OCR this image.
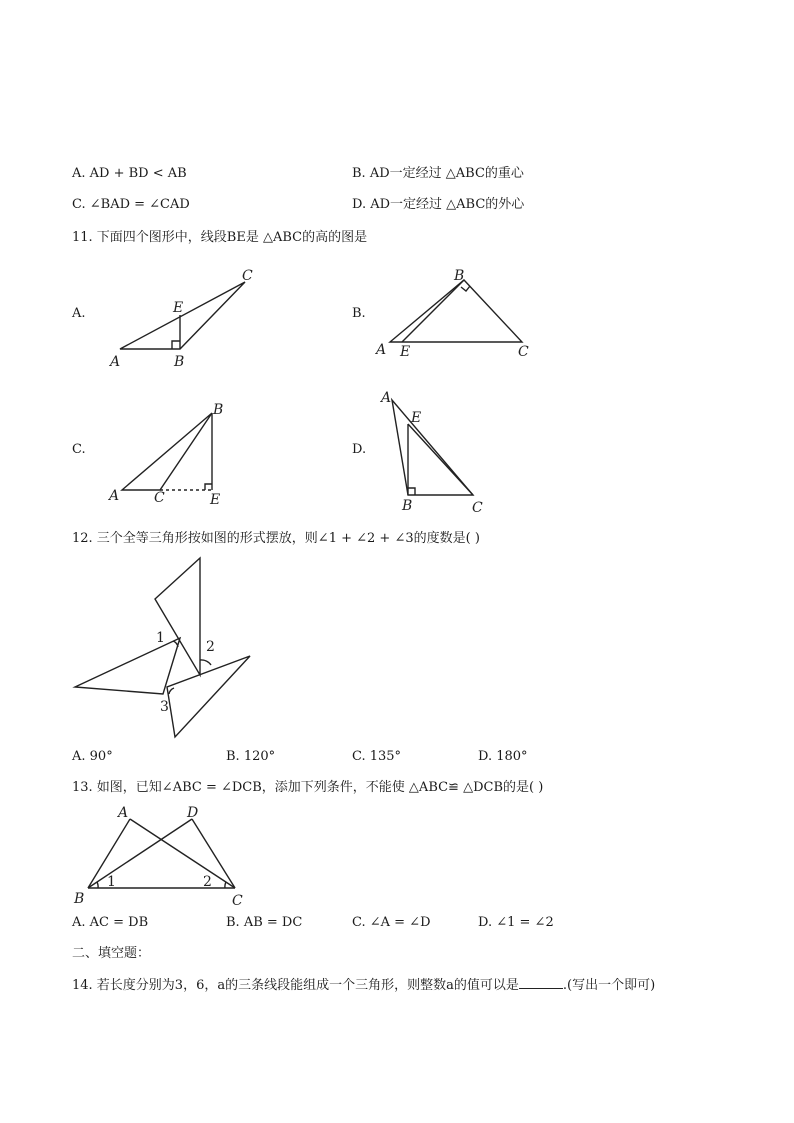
A. AD + BD < AB	B. AD一定经过 △ABC的重心
C. ∠BAD = ∠CAD	D. AD一定经过 △ABC的外心
11. 下面四个图形中，线段BE是 △ABC的高的图是
A.
A	B
C
E	B.
A
B
C
E
C.
A
B
C	E
D.
A
B	C
E
12. 三个全等三角形按如图的形式摆放，则∠1 + ∠2 + ∠3的度数是( )
1
2
3
A. 90°	B. 120°	C. 135°	D. 180°
13. 如图，已知∠ABC = ∠DCB，添加下列条件，不能使 △ABC≌ △DCB的是( )
A
B	C
D
1	2
A. AC = DB	B. AB = DC	C. ∠A = ∠D	D. ∠1 = ∠2
二、填空题：
14. 若长度分别为3，6，a的三条线段能组成一个三角形，则整数a的值可以是	.(写出一个即可)
